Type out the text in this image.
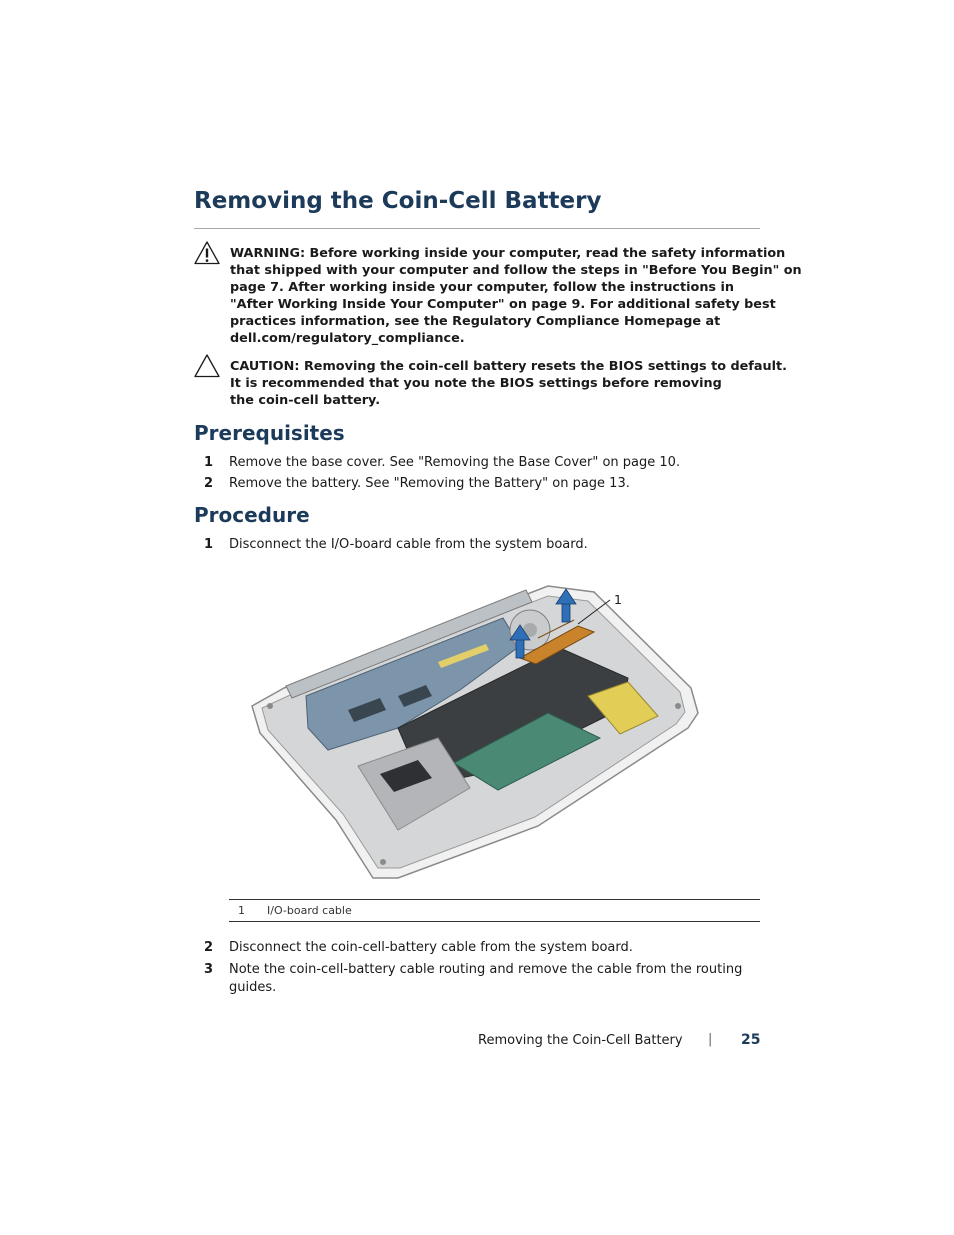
Removing the Coin-Cell Battery
WARNING: Before working inside your computer, read the safety information
that shipped with your computer and follow the steps in "Before You Begin" on
page 7. After working inside your computer, follow the instructions in
"After Working Inside Your Computer" on page 9. For additional safety best
practices information, see the Regulatory Compliance Homepage at
dell.com/regulatory_compliance.
CAUTION: Removing the coin-cell battery resets the BIOS settings to default.
It is recommended that you note the BIOS settings before removing
the coin-cell battery.
Prerequisites
1 Remove the base cover. See "Removing the Base Cover" on page 10.
2 Remove the battery. See "Removing the Battery" on page 13.
Procedure
1 Disconnect the I/O-board cable from the system board.
1
1 I/O-board cable
2 Disconnect the coin-cell-battery cable from the system board.
3 Note the coin-cell-battery cable routing and remove the cable from the routing
guides.
Removing the Coin-Cell Battery | 25
